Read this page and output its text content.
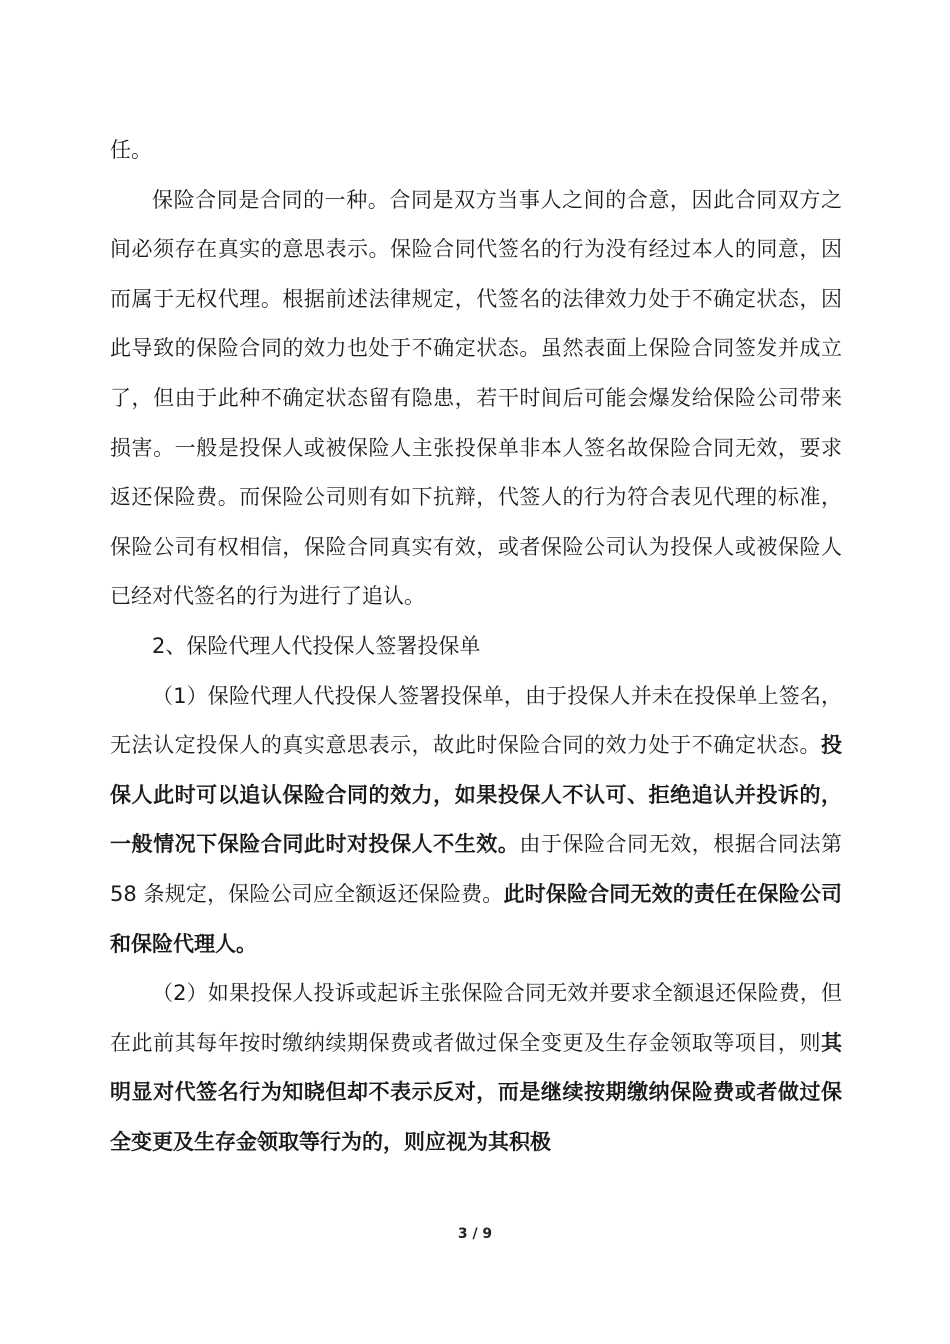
任。

保险合同是合同的一种。合同是双方当事人之间的合意，因此合同双方之间必须存在真实的意思表示。保险合同代签名的行为没有经过本人的同意，因而属于无权代理。根据前述法律规定，代签名的法律效力处于不确定状态，因此导致的保险合同的效力也处于不确定状态。虽然表面上保险合同签发并成立了，但由于此种不确定状态留有隐患，若干时间后可能会爆发给保险公司带来损害。一般是投保人或被保险人主张投保单非本人签名故保险合同无效，要求返还保险费。而保险公司则有如下抗辩，代签人的行为符合表见代理的标准，保险公司有权相信，保险合同真实有效，或者保险公司认为投保人或被保险人已经对代签名的行为进行了追认。

2、保险代理人代投保人签署投保单

（1）保险代理人代投保人签署投保单，由于投保人并未在投保单上签名，无法认定投保人的真实意思表示，故此时保险合同的效力处于不确定状态。投保人此时可以追认保险合同的效力，如果投保人不认可、拒绝追认并投诉的，一般情况下保险合同此时对投保人不生效。由于保险合同无效，根据合同法第 58 条规定，保险公司应全额返还保险费。此时保险合同无效的责任在保险公司和保险代理人。

（2）如果投保人投诉或起诉主张保险合同无效并要求全额退还保险费，但在此前其每年按时缴纳续期保费或者做过保全变更及生存金领取等项目，则其明显对代签名行为知晓但却不表示反对，而是继续按期缴纳保险费或者做过保全变更及生存金领取等行为的，则应视为其积极

3 / 9
